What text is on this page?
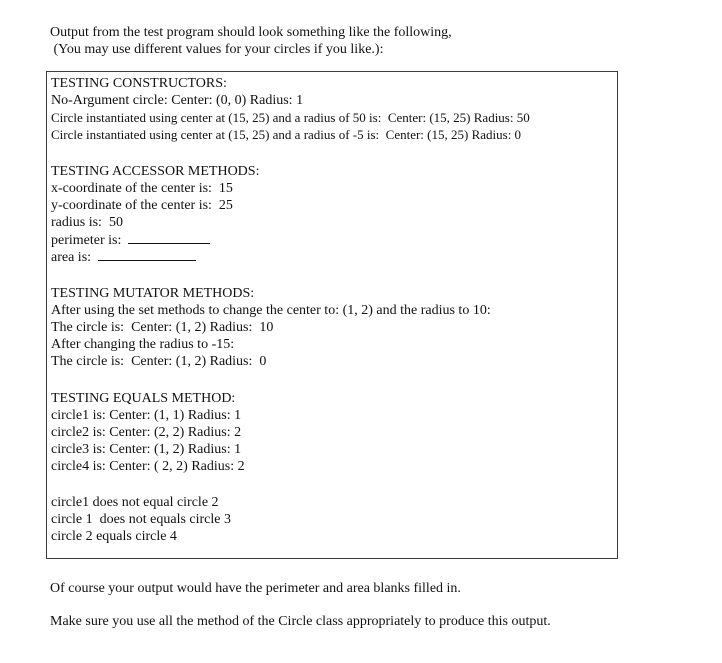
Output from the test program should look something like the following,
(You may use different values for your circles if you like.):
TESTING CONSTRUCTORS:
No-Argument circle: Center: (0, 0) Radius: 1
Circle instantiated using center at (15, 25) and a radius of 50 is:  Center: (15, 25) Radius: 50
Circle instantiated using center at (15, 25) and a radius of -5 is:  Center: (15, 25) Radius: 0
TESTING ACCESSOR METHODS:
x-coordinate of the center is:  15
y-coordinate of the center is:  25
radius is:  50
perimeter is:
area is:
TESTING MUTATOR METHODS:
After using the set methods to change the center to: (1, 2) and the radius to 10:
The circle is:  Center: (1, 2) Radius:  10
After changing the radius to -15:
The circle is:  Center: (1, 2) Radius:  0
TESTING EQUALS METHOD:
circle1 is: Center: (1, 1) Radius: 1
circle2 is: Center: (2, 2) Radius: 2
circle3 is: Center: (1, 2) Radius: 1
circle4 is: Center: ( 2, 2) Radius: 2
circle1 does not equal circle 2
circle 1  does not equals circle 3
circle 2 equals circle 4
Of course your output would have the perimeter and area blanks filled in.
Make sure you use all the method of the Circle class appropriately to produce this output.
